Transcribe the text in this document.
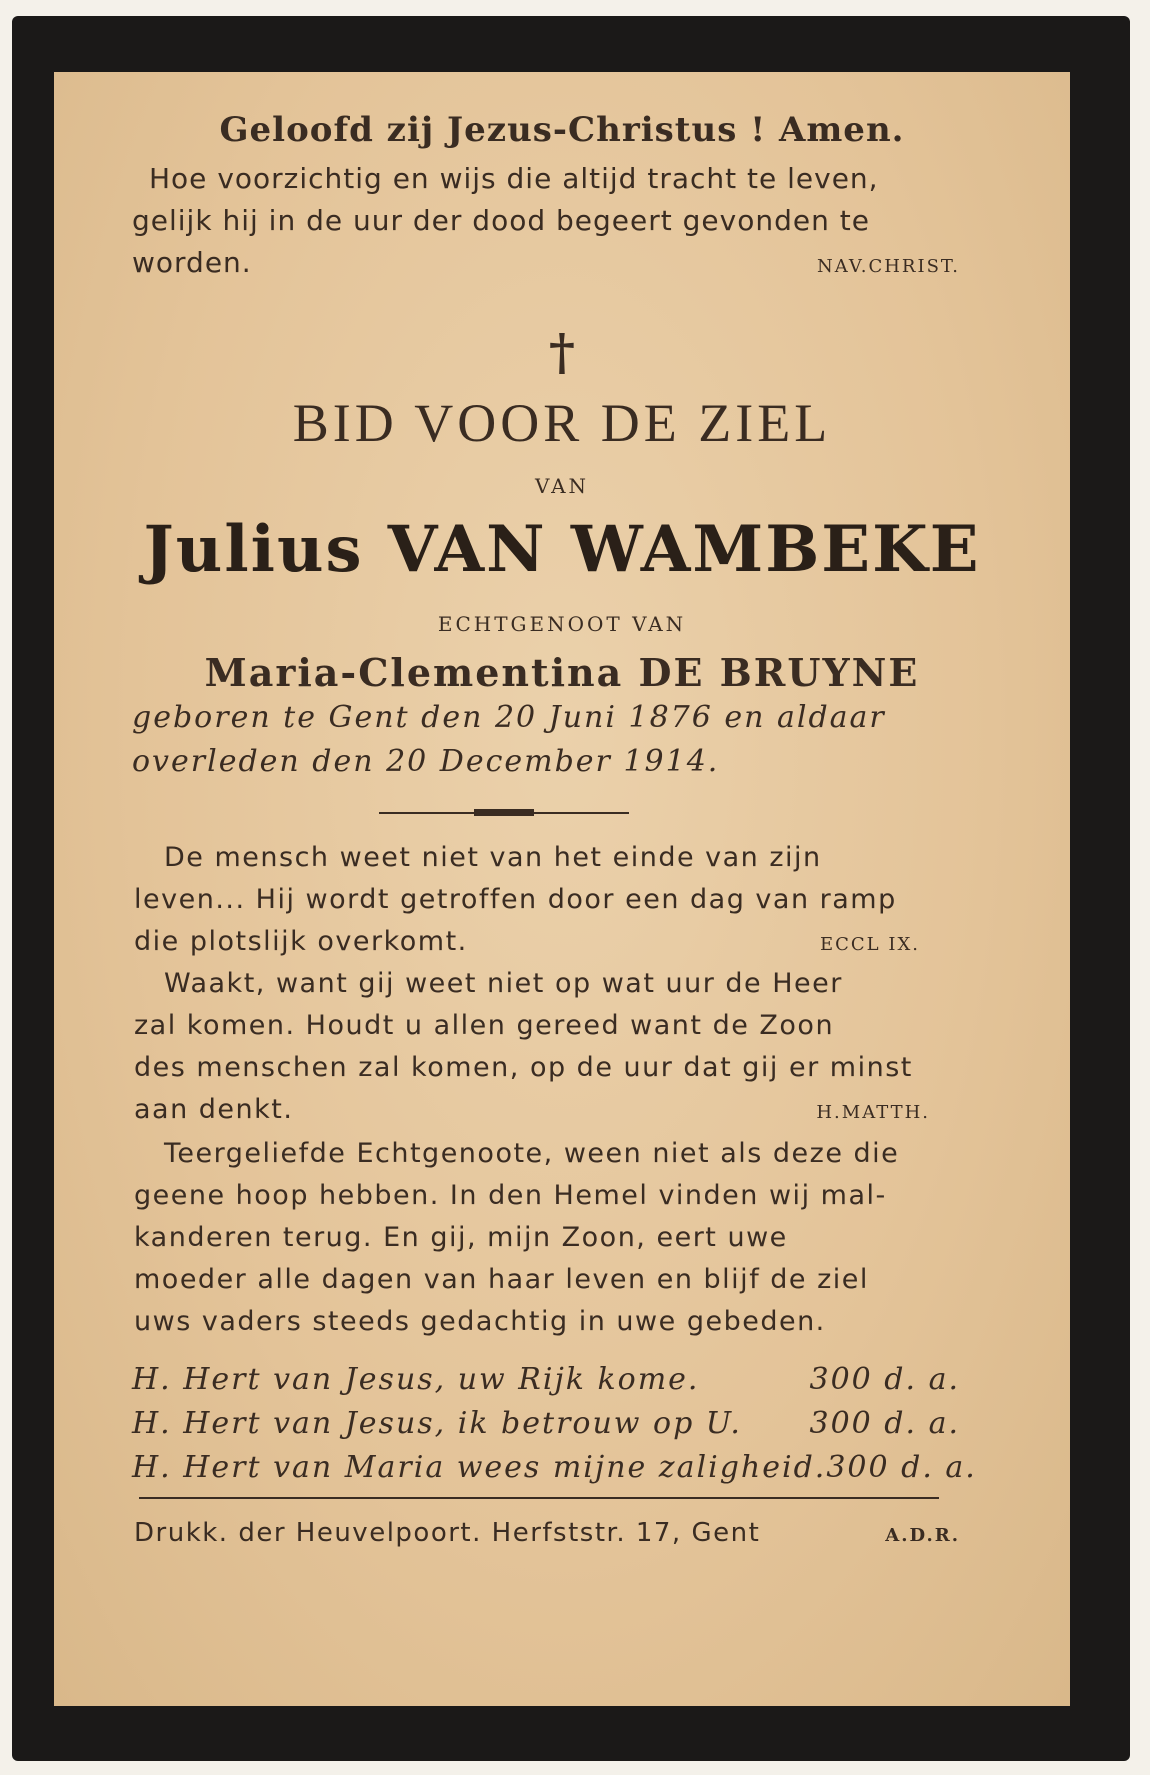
Geloofd zij Jezus-Christus ! Amen.
Hoe voorzichtig en wijs die altijd tracht te leven,
gelijk hij in de uur der dood begeert gevonden te
worden.	NAV.CHRIST.
†
BID VOOR DE ZIEL
VAN
Julius VAN WAMBEKE
ECHTGENOOT VAN
Maria-Clementina DE BRUYNE
geboren te Gent den 20 Juni 1876 en aldaar
overleden den 20 December 1914.
De mensch weet niet van het einde van zijn
leven... Hij wordt getroffen door een dag van ramp
die plotslijk overkomt.	ECCL IX.
Waakt, want gij weet niet op wat uur de Heer
zal komen. Houdt u allen gereed want de Zoon
des menschen zal komen, op de uur dat gij er minst
aan denkt.	H.MATTH.
Teergeliefde Echtgenoote, ween niet als deze die
geene hoop hebben. In den Hemel vinden wij mal-
kanderen terug. En gij, mijn Zoon, eert uwe
moeder alle dagen van haar leven en blijf de ziel
uws vaders steeds gedachtig in uwe gebeden.
H. Hert van Jesus, uw Rijk kome.	300 d. a.
H. Hert van Jesus, ik betrouw op U. 300 d. a.
H. Hert van Maria wees mijne zaligheid. 300 d. a.
Drukk. der Heuvelpoort. Herfststr. 17, Gent	A.D.R.
